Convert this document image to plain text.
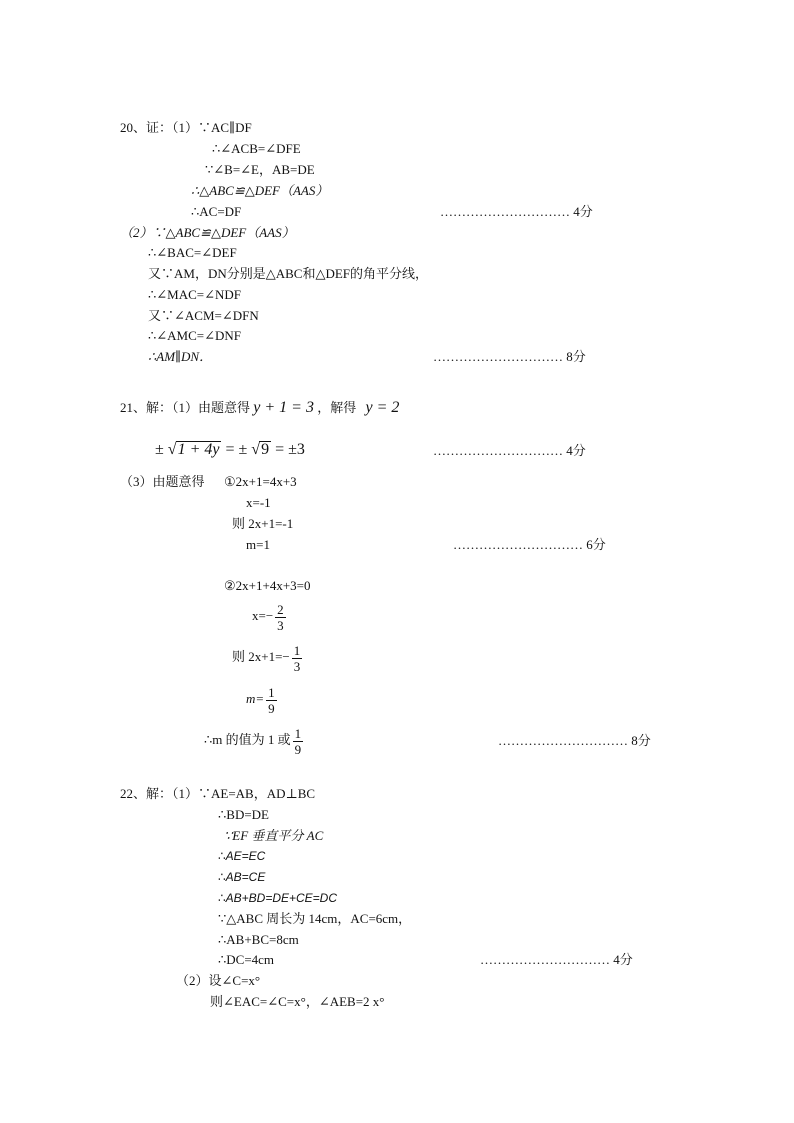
20、证：（1）∵AC∥DF
∴∠ACB=∠DFE
∵∠B=∠E，AB=DE
∴△ABC≌△DEF（AAS）
∴AC=DF	………………………… 4分
（2）∵△ABC≌△DEF（AAS）
∴∠BAC=∠DEF
又∵AM，DN分别是△ABC和△DEF的角平分线，
∴∠MAC=∠NDF
又∵∠ACM=∠DFN
∴∠AMC=∠DNF
∴AM∥DN．	………………………… 8分
21、解：（1）由题意得 y + 1 = 3 ，解得 y = 2
± √1 + 4y = ± √9 = ±3	………………………… 4分
（3）由题意得 ①2x+1=4x+3
x=-1
则 2x+1=-1
m=1	………………………… 6分
②2x+1+4x+3=0
$x=- \frac{2}{3}$
则 $2x+1=- \frac{1}{3}$
$m= \frac{1}{9}$
∴m 的值为 1 或 $\frac{1}{9}$	………………………… 8分
22、解：（1）∵AE=AB，AD⊥BC
∴BD=DE
∵EF 垂直平分 AC
∴AE=EC
∴AB=CE
∴AB+BD=DE+CE=DC
∵△ABC 周长为 14cm，AC=6cm，
∴AB+BC=8cm
∴DC=4cm	………………………… 4分
（2）设∠C=x°
则∠EAC=∠C=x°，∠AEB=2 x°
